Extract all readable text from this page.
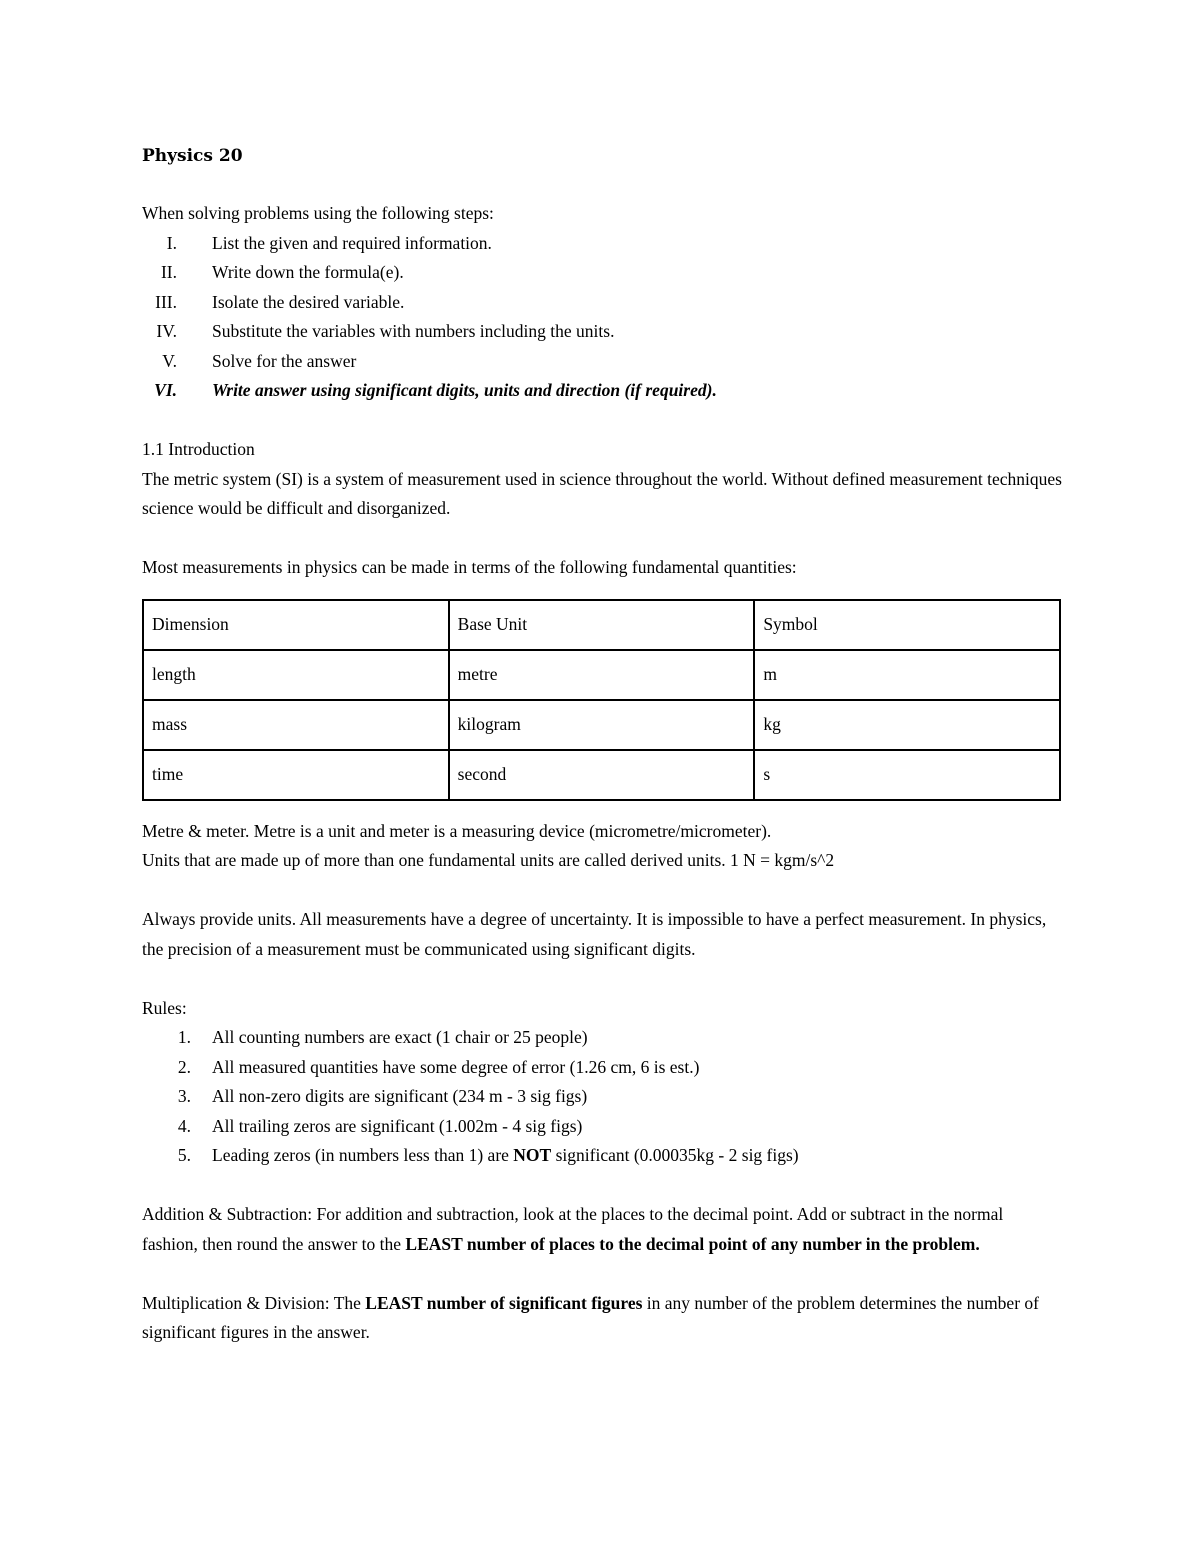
Physics 20

When solving problems using the following steps:

I. List the given and required information.
II. Write down the formula(e).
III. Isolate the desired variable.
IV. Substitute the variables with numbers including the units.
V. Solve for the answer
VI. Write answer using significant digits, units and direction (if required).

1.1 Introduction

The metric system (SI) is a system of measurement used in science throughout the world. Without defined measurement techniques science would be difficult and disorganized.

Most measurements in physics can be made in terms of the following fundamental quantities:

Dimension	Base Unit	Symbol
length	metre	m
mass	kilogram	kg
time	second	s

Metre & meter. Metre is a unit and meter is a measuring device (micrometre/micrometer).

Units that are made up of more than one fundamental units are called derived units. 1 N = kgm/s^2

Always provide units. All measurements have a degree of uncertainty. It is impossible to have a perfect measurement. In physics, the precision of a measurement must be communicated using significant digits.

Rules:

1. All counting numbers are exact (1 chair or 25 people)
2. All measured quantities have some degree of error (1.26 cm, 6 is est.)
3. All non-zero digits are significant (234 m - 3 sig figs)
4. All trailing zeros are significant (1.002m - 4 sig figs)
5. Leading zeros (in numbers less than 1) are NOT significant (0.00035kg - 2 sig figs)

Addition & Subtraction: For addition and subtraction, look at the places to the decimal point. Add or subtract in the normal fashion, then round the answer to the LEAST number of places to the decimal point of any number in the problem.

Multiplication & Division: The LEAST number of significant figures in any number of the problem determines the number of significant figures in the answer.
